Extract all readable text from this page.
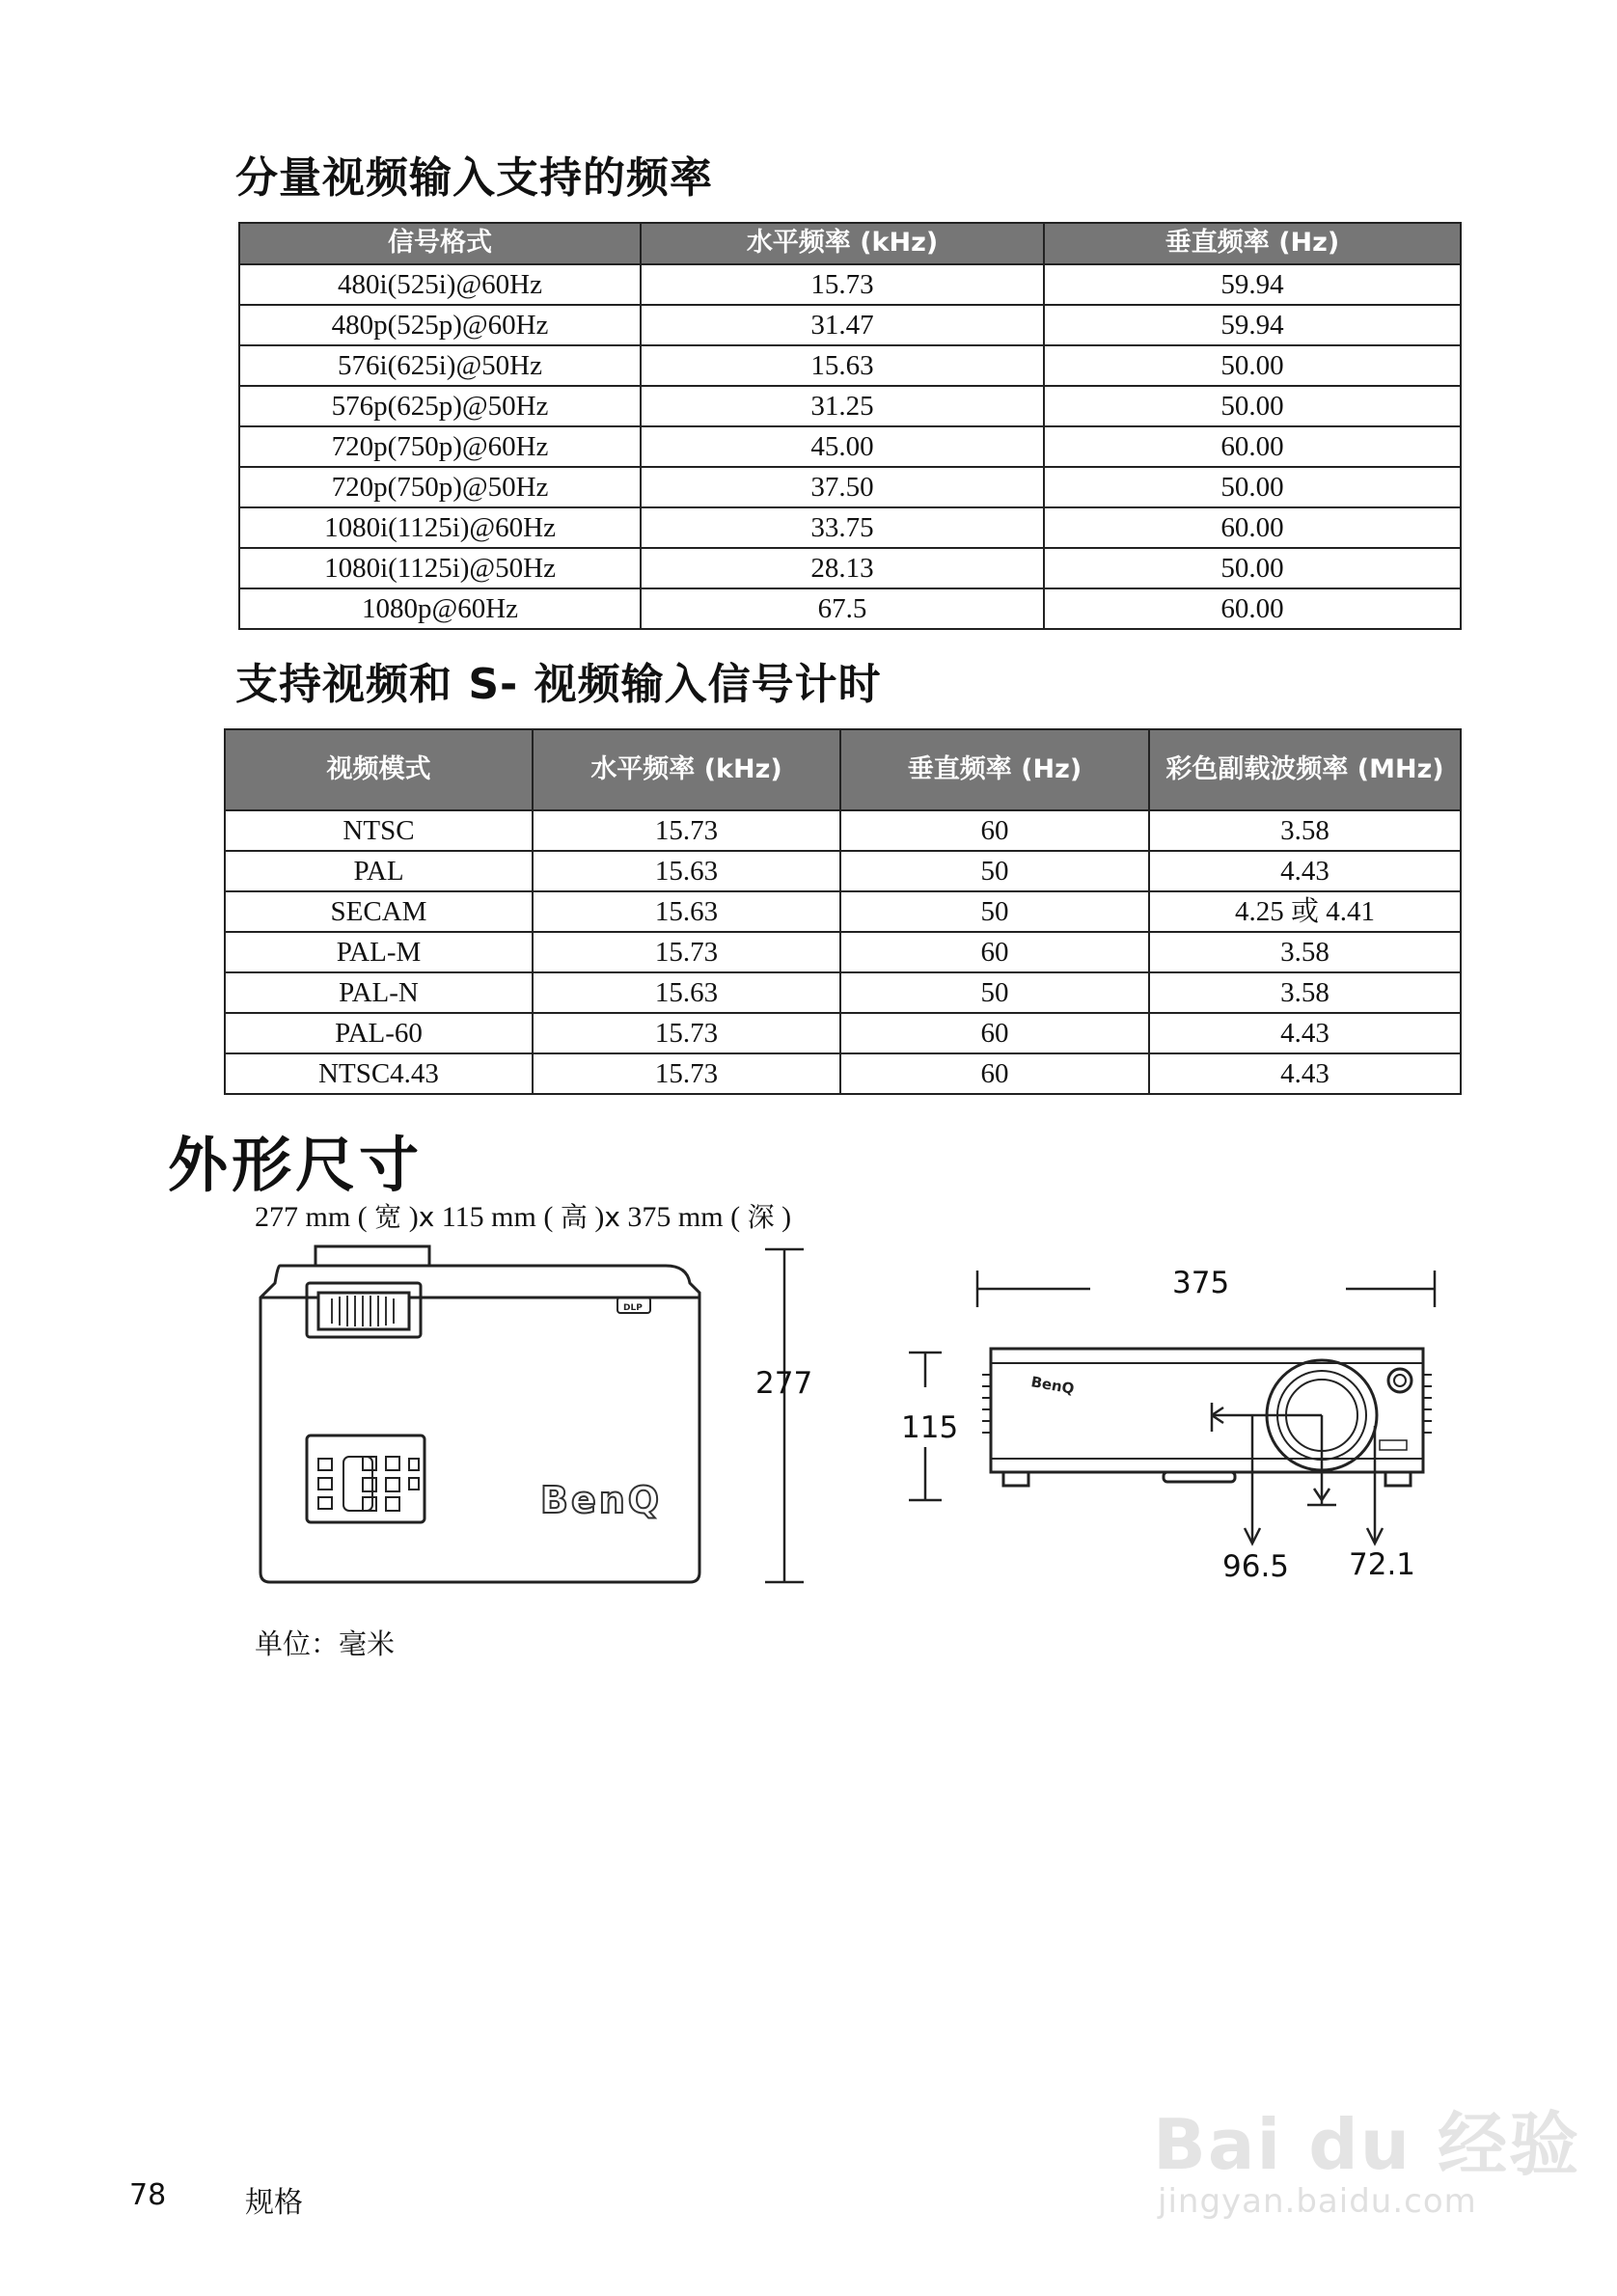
分量视频输入支持的频率
信号格式	水平频率 (kHz)	垂直频率 (Hz)
480i(525i)@60Hz	15.73	59.94
480p(525p)@60Hz	31.47	59.94
576i(625i)@50Hz	15.63	50.00
576p(625p)@50Hz	31.25	50.00
720p(750p)@60Hz	45.00	60.00
720p(750p)@50Hz	37.50	50.00
1080i(1125i)@60Hz	33.75	60.00
1080i(1125i)@50Hz	28.13	50.00
1080p@60Hz	67.5	60.00
支持视频和 S- 视频输入信号计时
视频模式	水平频率 (kHz)	垂直频率 (Hz)	彩色副载波频率 (MHz)
NTSC	15.73	60	3.58
PAL	15.63	50	4.43
SECAM	15.63	50	4.25 或 4.41
PAL-M	15.73	60	3.58
PAL-N	15.63	50	3.58
PAL-60	15.73	60	4.43
NTSC4.43	15.73	60	4.43
外形尺寸

277 mm ( 宽 )x 115 mm ( 高 )x 375 mm ( 深 )

DLP
BenQ
277
375
115
BenQ
96.5 72.1

单位：毫米

78	规格

Bai du 经验

jingyan.baidu.com
